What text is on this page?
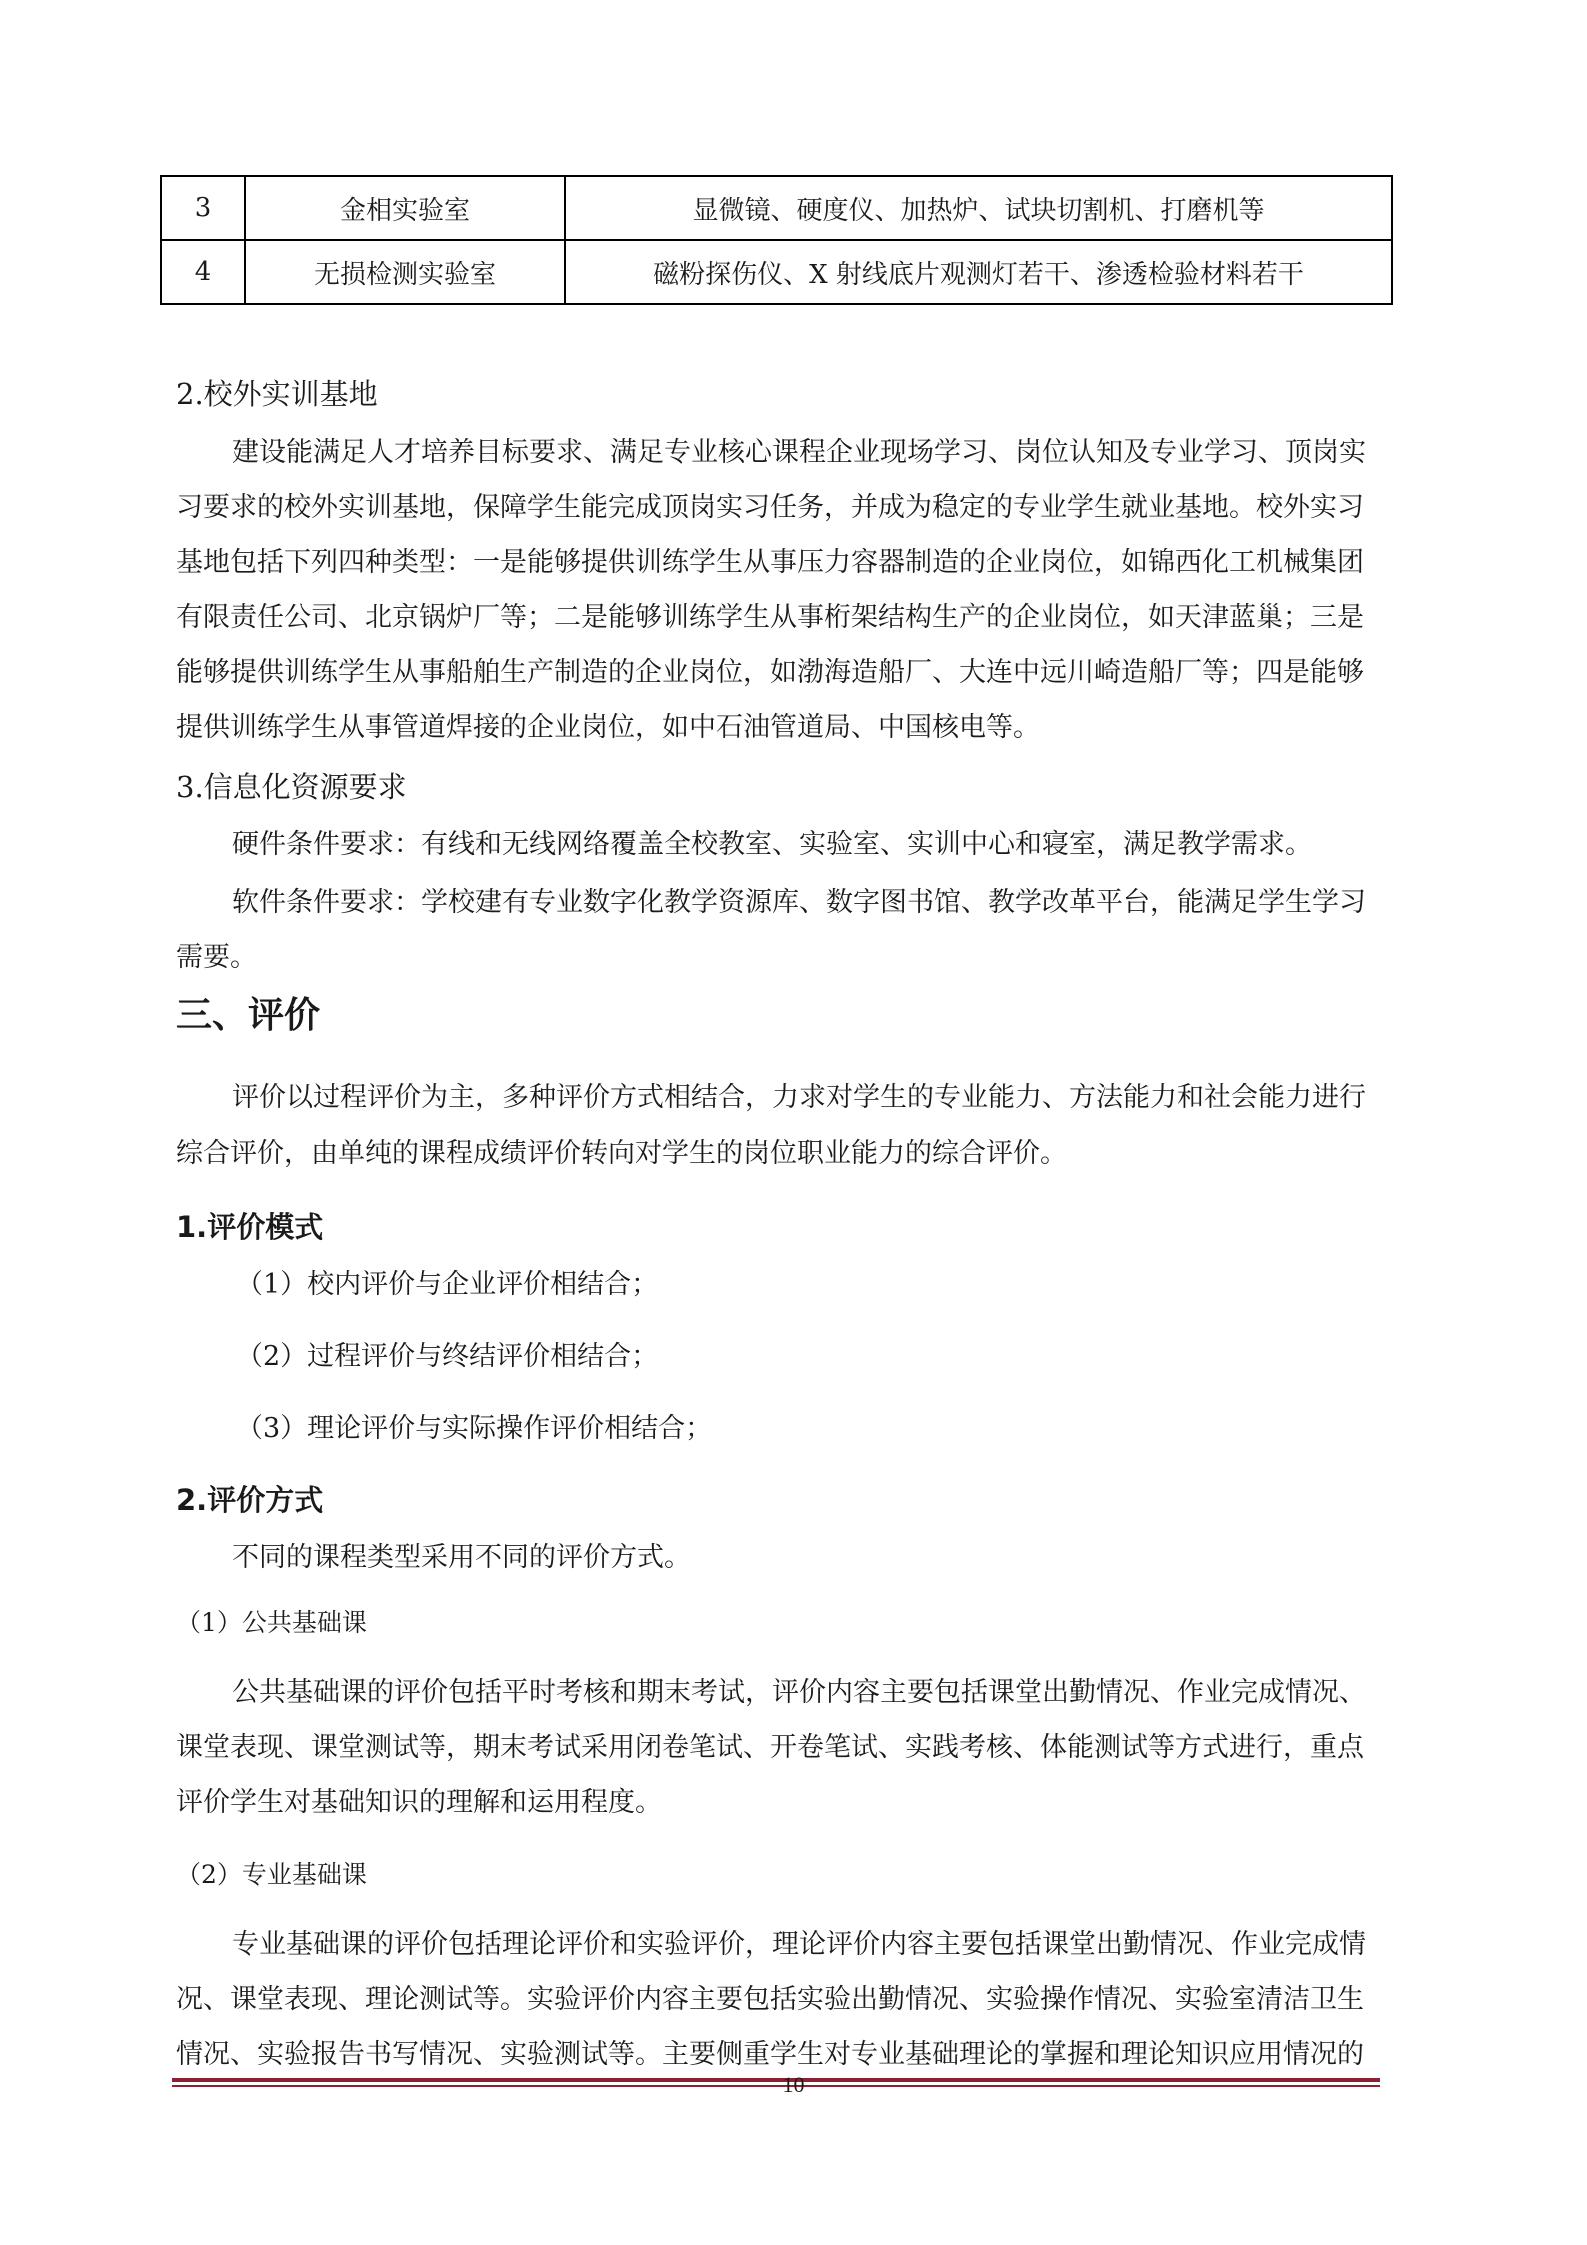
3	金相实验室	显微镜、硬度仪、加热炉、试块切割机、打磨机等
4	无损检测实验室	磁粉探伤仪、X 射线底片观测灯若干、渗透检验材料若干

2.校外实训基地

建设能满足人才培养目标要求、满足专业核心课程企业现场学习、岗位认知及专业学习、顶岗实

习要求的校外实训基地，保障学生能完成顶岗实习任务，并成为稳定的专业学生就业基地。校外实习

基地包括下列四种类型：一是能够提供训练学生从事压力容器制造的企业岗位，如锦西化工机械集团

有限责任公司、北京锅炉厂等；二是能够训练学生从事桁架结构生产的企业岗位，如天津蓝巢；三是

能够提供训练学生从事船舶生产制造的企业岗位，如渤海造船厂、大连中远川崎造船厂等；四是能够

提供训练学生从事管道焊接的企业岗位，如中石油管道局、中国核电等。

3.信息化资源要求

硬件条件要求：有线和无线网络覆盖全校教室、实验室、实训中心和寝室，满足教学需求。

软件条件要求：学校建有专业数字化教学资源库、数字图书馆、教学改革平台，能满足学生学习

需要。

三、评价

评价以过程评价为主，多种评价方式相结合，力求对学生的专业能力、方法能力和社会能力进行

综合评价，由单纯的课程成绩评价转向对学生的岗位职业能力的综合评价。

1.评价模式

（1）校内评价与企业评价相结合；

（2）过程评价与终结评价相结合；

（3）理论评价与实际操作评价相结合；

2.评价方式

不同的课程类型采用不同的评价方式。

（1）公共基础课

公共基础课的评价包括平时考核和期末考试，评价内容主要包括课堂出勤情况、作业完成情况、

课堂表现、课堂测试等，期末考试采用闭卷笔试、开卷笔试、实践考核、体能测试等方式进行，重点

评价学生对基础知识的理解和运用程度。

（2）专业基础课

专业基础课的评价包括理论评价和实验评价，理论评价内容主要包括课堂出勤情况、作业完成情

况、课堂表现、理论测试等。实验评价内容主要包括实验出勤情况、实验操作情况、实验室清洁卫生

情况、实验报告书写情况、实验测试等。主要侧重学生对专业基础理论的掌握和理论知识应用情况的

10
